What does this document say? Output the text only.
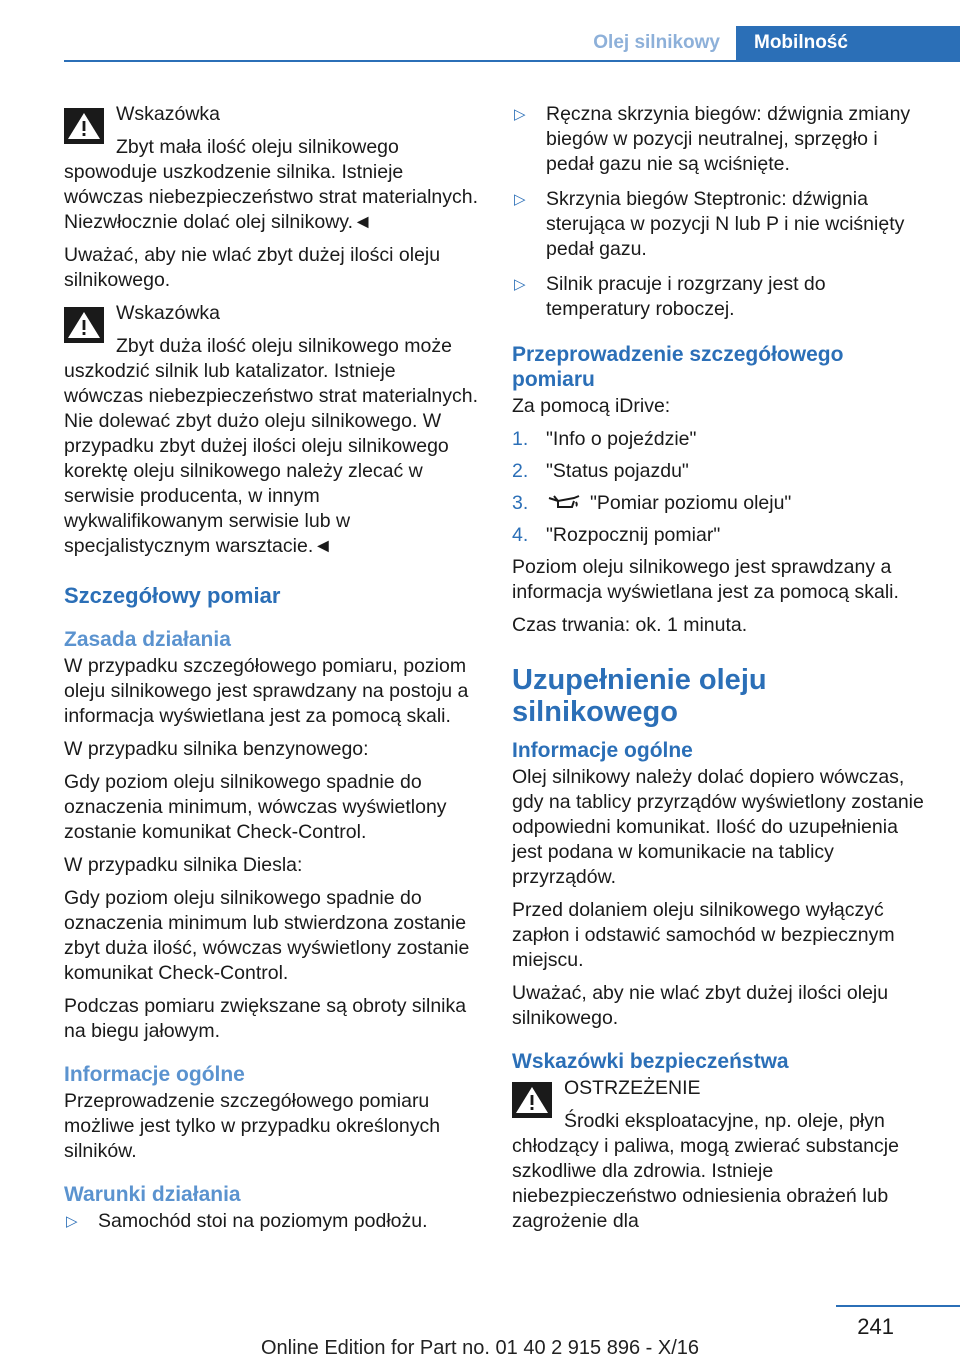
Olej silnikowy	Mobilność
Wskazówka

Zbyt mała ilość oleju silnikowego spowoduje uszkodzenie silnika. Istnieje wówczas niebezpieczeństwo strat materialnych. Niezwłocznie dolać olej silnikowy.◄

Uważać, aby nie wlać zbyt dużej ilości oleju silnikowego.

Wskazówka

Zbyt duża ilość oleju silnikowego może uszkodzić silnik lub katalizator. Istnieje wówczas niebezpieczeństwo strat materialnych. Nie dolewać zbyt dużo oleju silnikowego. W przypadku zbyt dużej ilości oleju silnikowego korektę oleju silnikowego należy zlecać w serwisie producenta, w innym wykwalifikowanym serwisie lub w specjalistycznym warsztacie.◄

Szczegółowy pomiar
Zasada działania

W przypadku szczegółowego pomiaru, poziom oleju silnikowego jest sprawdzany na postoju a informacja wyświetlana jest za pomocą skali.

W przypadku silnika benzynowego:

Gdy poziom oleju silnikowego spadnie do oznaczenia minimum, wówczas wyświetlony zostanie komunikat Check-Control.

W przypadku silnika Diesla:

Gdy poziom oleju silnikowego spadnie do oznaczenia minimum lub stwierdzona zostanie zbyt duża ilość, wówczas wyświetlony zostanie komunikat Check-Control.

Podczas pomiaru zwiększane są obroty silnika na biegu jałowym.

Informacje ogólne

Przeprowadzenie szczegółowego pomiaru możliwe jest tylko w przypadku określonych silników.

Warunki działania
▷ Samochód stoi na poziomym podłożu.
▷ Ręczna skrzynia biegów: dźwignia zmiany biegów w pozycji neutralnej, sprzęgło i pedał gazu nie są wciśnięte.
▷ Skrzynia biegów Steptronic: dźwignia sterująca w pozycji N lub P i nie wciśnięty pedał gazu.
▷ Silnik pracuje i rozgrzany jest do temperatury roboczej.
Przeprowadzenie szczegółowego pomiaru

Za pomocą iDrive:

1. "Info o pojeździe"
2. "Status pojazdu"
3.	"Pomiar poziomu oleju"
4. "Rozpocznij pomiar"

Poziom oleju silnikowego jest sprawdzany a informacja wyświetlana jest za pomocą skali.

Czas trwania: ok. 1 minuta.

Uzupełnienie oleju silnikowego
Informacje ogólne

Olej silnikowy należy dolać dopiero wówczas, gdy na tablicy przyrządów wyświetlony zostanie odpowiedni komunikat. Ilość do uzupełnienia jest podana w komunikacie na tablicy przyrządów.

Przed dolaniem oleju silnikowego wyłączyć zapłon i odstawić samochód w bezpiecznym miejscu.

Uważać, aby nie wlać zbyt dużej ilości oleju silnikowego.

Wskazówki bezpieczeństwa
OSTRZEŻENIE

Środki eksploatacyjne, np. oleje, płyn chłodzący i paliwa, mogą zwierać substancje szkodliwe dla zdrowia. Istnieje niebezpieczeństwo odniesienia obrażeń lub zagrożenie dla

241
Online Edition for Part no. 01 40 2 915 896 - X/16
